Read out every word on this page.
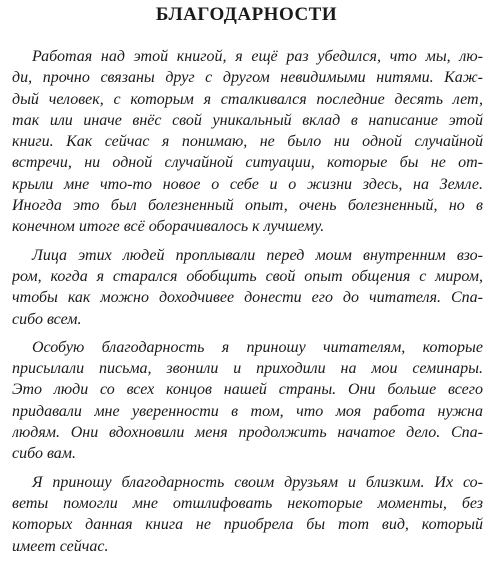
БЛАГОДАРНОСТИ

Работая над этой книгой, я ещё раз убедился, что мы, лю-
ди, прочно связаны друг с другом невидимыми нитями. Каж-
дый человек, с которым я сталкивался последние десять лет,
так или иначе внёс свой уникальный вклад в написание этой
книги. Как сейчас я понимаю, не было ни одной случайной
встречи, ни одной случайной ситуации, которые бы не от-
крыли мне что-то новое о себе и о жизни здесь, на Земле.
Иногда это был болезненный опыт, очень болезненный, но в
конечном итоге всё оборачивалось к лучшему.

Лица этих людей проплывали перед моим внутренним взо-
ром, когда я старался обобщить свой опыт общения с миром,
чтобы как можно доходчивее донести его до читателя. Спа-
сибо всем.

Особую благодарность я приношу читателям, которые
присылали письма, звонили и приходили на мои семинары.
Это люди со всех концов нашей страны. Они больше всего
придавали мне уверенности в том, что моя работа нужна
людям. Они вдохновили меня продолжить начатое дело. Спа-
сибо вам.

Я приношу благодарность своим друзьям и близким. Их со-
веты помогли мне отшлифовать некоторые моменты, без
которых данная книга не приобрела бы тот вид, который
имеет сейчас.
